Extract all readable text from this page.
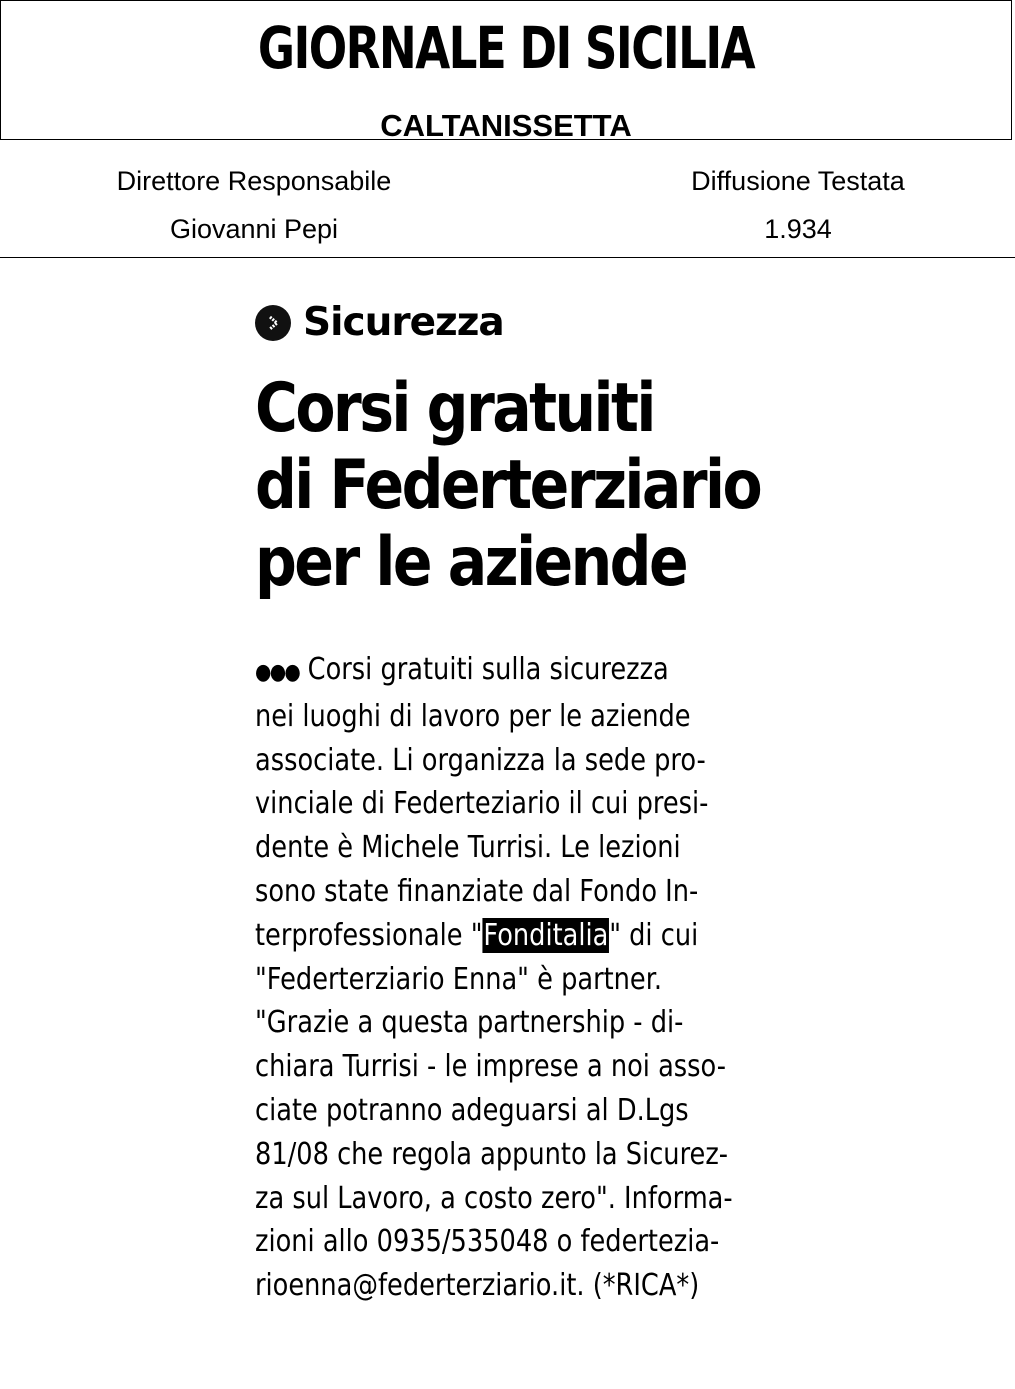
GIORNALE DI SICILIA
CALTANISSETTA
Direttore Responsabile
Giovanni Pepi
Diffusione Testata
1.934
Sicurezza
Corsi gratuiti
di Federterziario
per le aziende
●●● Corsi gratuiti sulla sicurezza
nei luoghi di lavoro per le aziende
associate. Li organizza la sede pro-
vinciale di Federteziario il cui presi-
dente è Michele Turrisi. Le lezioni
sono state finanziate dal Fondo In-
terprofessionale "Fonditalia" di cui
"Federterziario Enna" è partner.
"Grazie a questa partnership - di-
chiara Turrisi - le imprese a noi asso-
ciate potranno adeguarsi al D.Lgs
81/08 che regola appunto la Sicurez-
za sul Lavoro, a costo zero". Informa-
zioni allo 0935/535048 o federtezia-
rioenna@federterziario.it. (*RICA*)
